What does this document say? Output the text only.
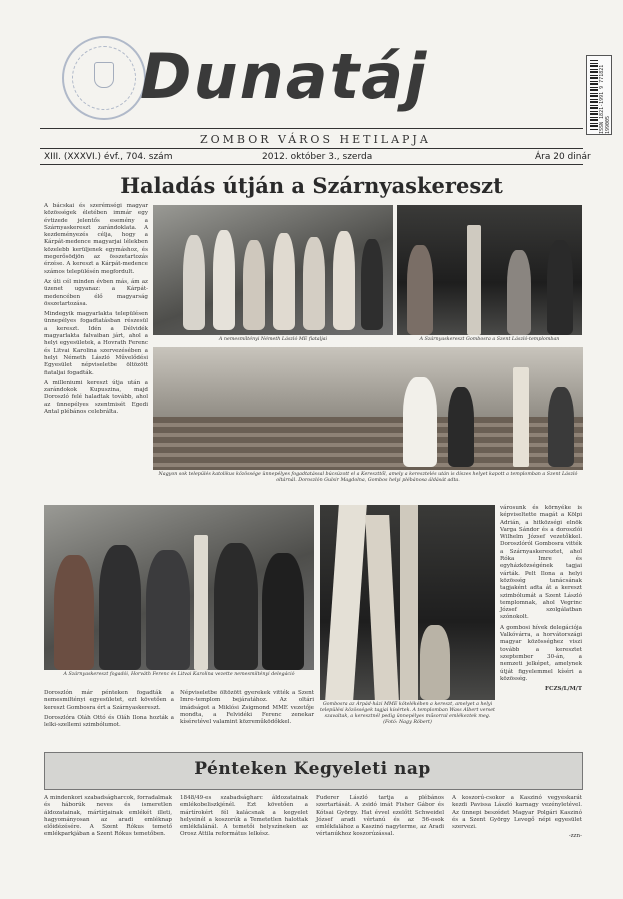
Dunatáj
ZOMBOR VÁROS HETILAPJA
ISSN 1821-1991 9 771821 199005
XIII. (XXXVI.) évf., 704. szám	2012. október 3., szerda	Ára 20 dinár
Haladás útján a Szárnyaskereszt
A bácskai és szerémségi magyar közösségek életében immár egy évtizede jelentős esemény a Szárnyaskereszt zarándoklata. A kezdeményezés célja, hogy a Kárpát-medence magyarjai lélekben közelebb kerüljenek egymáshoz, és megerősödjön az összetartozás érzése. A kereszt a Kárpát-medence számos településén megfordult.
Az úti cél minden évben más, ám az üzenet ugyanaz: a Kárpát-medencében élő magyarság összetartozása.
Mindegyik magyarlakta településen ünnepélyes fogadtatásban részesül a kereszt. Idén a Délvidék magyarlakta falvaiban járt, ahol a helyi egyesületek, a Hovrath Ferenc és Litvai Karolina szervezésében a helyi Németh László Művelődési Egyesület népviseletbe öltözött fiataljai fogadták.
A milleniumi kereszt útja után a zarándokok Kupuszina, majd Doroszló felé haladtak tovább, ahol az ünnepélyes szentmisét Egedi Antal plébános celebrálta.
A nemesmiltényi Németh László ME fiataljai	A Szárnyaskereszt Gombosra a Szent László-templomban
Nagyon sok település katolikus közössége ünnepélyes fogadtatással búcsúzott el a Kereszttől, amely a keresztelés után is díszes helyet kapott a templomban a Szent László oltárnál. Doroszlón Gulsir Magdolna, Gombos helyi plébánosa áldását adta.
A Szárnyaskereszt fogadói, Horváth Ferenc és Litvai Karolina vezette nemesmiltényi delegáció
Gombosra az Árpád-házi MME kötelékében a kereszt, amelyet a helyi települési közösségek tagjai kísértek. A templomban Wass Albert verset szavaltak, a keresztnél pedig ünnepélyes műsorral emlékeztek meg. (Fotó: Nagy Róbert)
Doroszlón már pénteken fogadták a nemesmiltényi egyesületet, ezt követően a kereszt Gombosra ért a Szárnyaskereszt.
Doroszlóra Oláh Ottó és Oláh Ilona hozták a lelki-szellemi szimbólumot.
Népviseletbe öltözött gyerekek vitték a Szent Imre-templom bejáratához. Az oltári imádságot a Miklósi Zsigmond MME vezetője mondta, a Felvidéki Ferenc zenekar kíséretével valamint közreműködőkkel.
városunk és környéke is képviseltette magát a Kölpi Adrián, a hitközségi elnök Varga Sándor és a doroszlói Wilhelm József vezetőkkel. Doroszlóról Gombosra vitték a Szárnyaskeresztet, ahol Róka Imre és egyházközségének tagjai várták. Pelt Ilona a helyi közösség tanácsának tagjaként adta át a kereszt szimbólumát a Szent László templomnak, ahol Vegrinc József szolgálatban szónokolt.
A gombosi hívek delegációja Valkóvárra, a horvátországi magyar közösséghez viszi tovább a keresztet szeptember 30-án, a nemzeti jelképet, amelynek útját figyelemmel kíséri a közösség.
FCZS/L/M/T
Pénteken Kegyeleti nap
A mindenkori szabadságharcok, forradalmak és háborúk neves és ismeretlen áldozatainak, mártírjainak emlékét illeti, hagyományosan az aradi emléknap előidézésére. A Szent Rókus temető emlékparkjában a Szent Rókus temetőben.
1848/49-es szabadságharc áldozatainak emlékobeliszkjénél. Ezt követően a mártírokért fél kalácsnak a kegyelet helyeinél a koszorúk a Temetetlen halottak emlékfalánál. A temetői helyszíneken az Orosz Attila református lelkész.
Fuderer László tartja a plébános szertartását. A zsidó imát Fisher Gábor és Kótsai György. Hat évvel ezelőtt Schweidel József aradi vértanú és az 56-osok emlékfalához a Kaszinó nagyterme, az Aradi vértanúkhoz koszorúzással.
A koszorú-csokor a Kaszinó vegyeskarát kezdi Pavissa László karnagy vezényletével. Az ünnepi beszédet Magyar Polgári Kaszinó és a Szent György Levegő népi egyesület szervezi.
-zzn-
